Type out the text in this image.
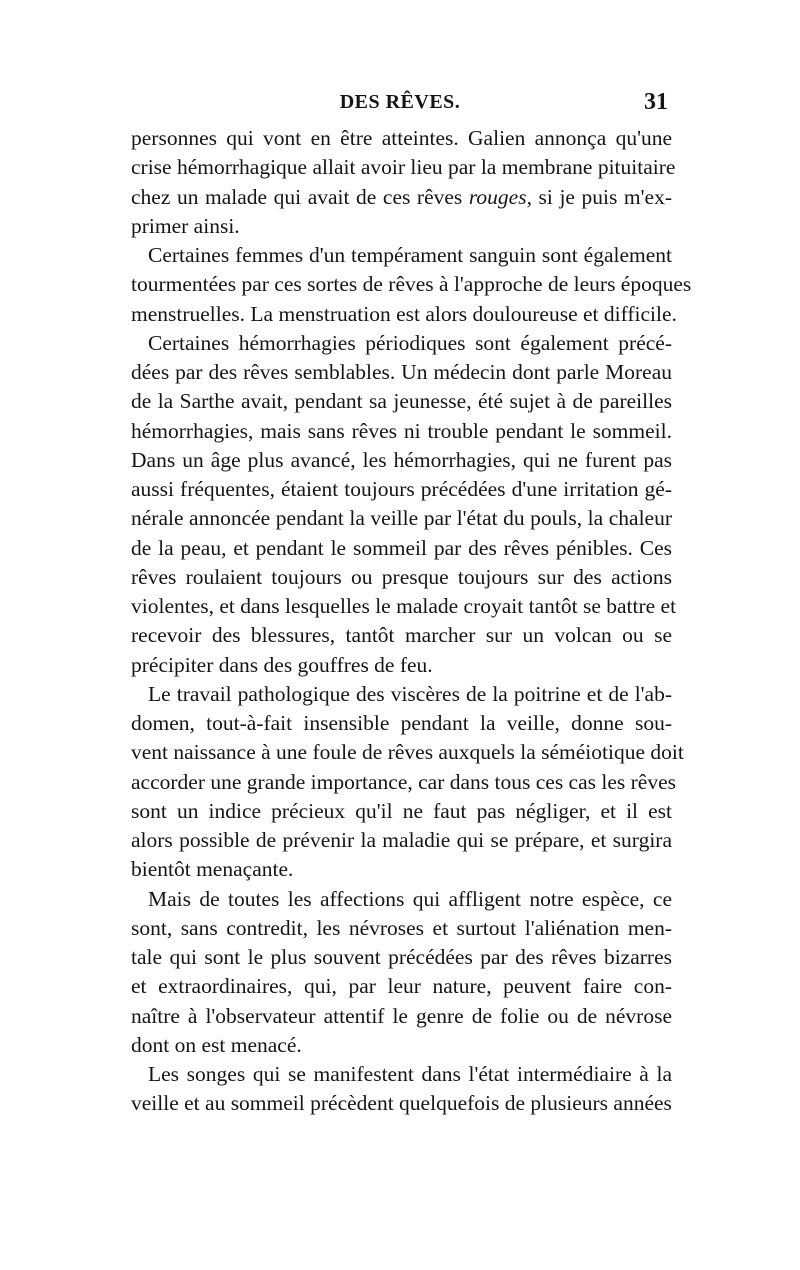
DES RÊVES.	31

personnes qui vont en être atteintes. Galien annonça qu'une
crise hémorrhagique allait avoir lieu par la membrane pituitaire
chez un malade qui avait de ces rêves rouges, si je puis m'ex-
primer ainsi.

Certaines femmes d'un tempérament sanguin sont également
tourmentées par ces sortes de rêves à l'approche de leurs époques
menstruelles. La menstruation est alors douloureuse et difficile.

Certaines hémorrhagies périodiques sont également précé-
dées par des rêves semblables. Un médecin dont parle Moreau
de la Sarthe avait, pendant sa jeunesse, été sujet à de pareilles
hémorrhagies, mais sans rêves ni trouble pendant le sommeil.
Dans un âge plus avancé, les hémorrhagies, qui ne furent pas
aussi fréquentes, étaient toujours précédées d'une irritation gé-
nérale annoncée pendant la veille par l'état du pouls, la chaleur
de la peau, et pendant le sommeil par des rêves pénibles. Ces
rêves roulaient toujours ou presque toujours sur des actions
violentes, et dans lesquelles le malade croyait tantôt se battre et
recevoir des blessures, tantôt marcher sur un volcan ou se
précipiter dans des gouffres de feu.

Le travail pathologique des viscères de la poitrine et de l'ab-
domen, tout-à-fait insensible pendant la veille, donne sou-
vent naissance à une foule de rêves auxquels la séméiotique doit
accorder une grande importance, car dans tous ces cas les rêves
sont un indice précieux qu'il ne faut pas négliger, et il est
alors possible de prévenir la maladie qui se prépare, et surgira
bientôt menaçante.

Mais de toutes les affections qui affligent notre espèce, ce
sont, sans contredit, les névroses et surtout l'aliénation men-
tale qui sont le plus souvent précédées par des rêves bizarres
et extraordinaires, qui, par leur nature, peuvent faire con-
naître à l'observateur attentif le genre de folie ou de névrose
dont on est menacé.

Les songes qui se manifestent dans l'état intermédiaire à la
veille et au sommeil précèdent quelquefois de plusieurs années
